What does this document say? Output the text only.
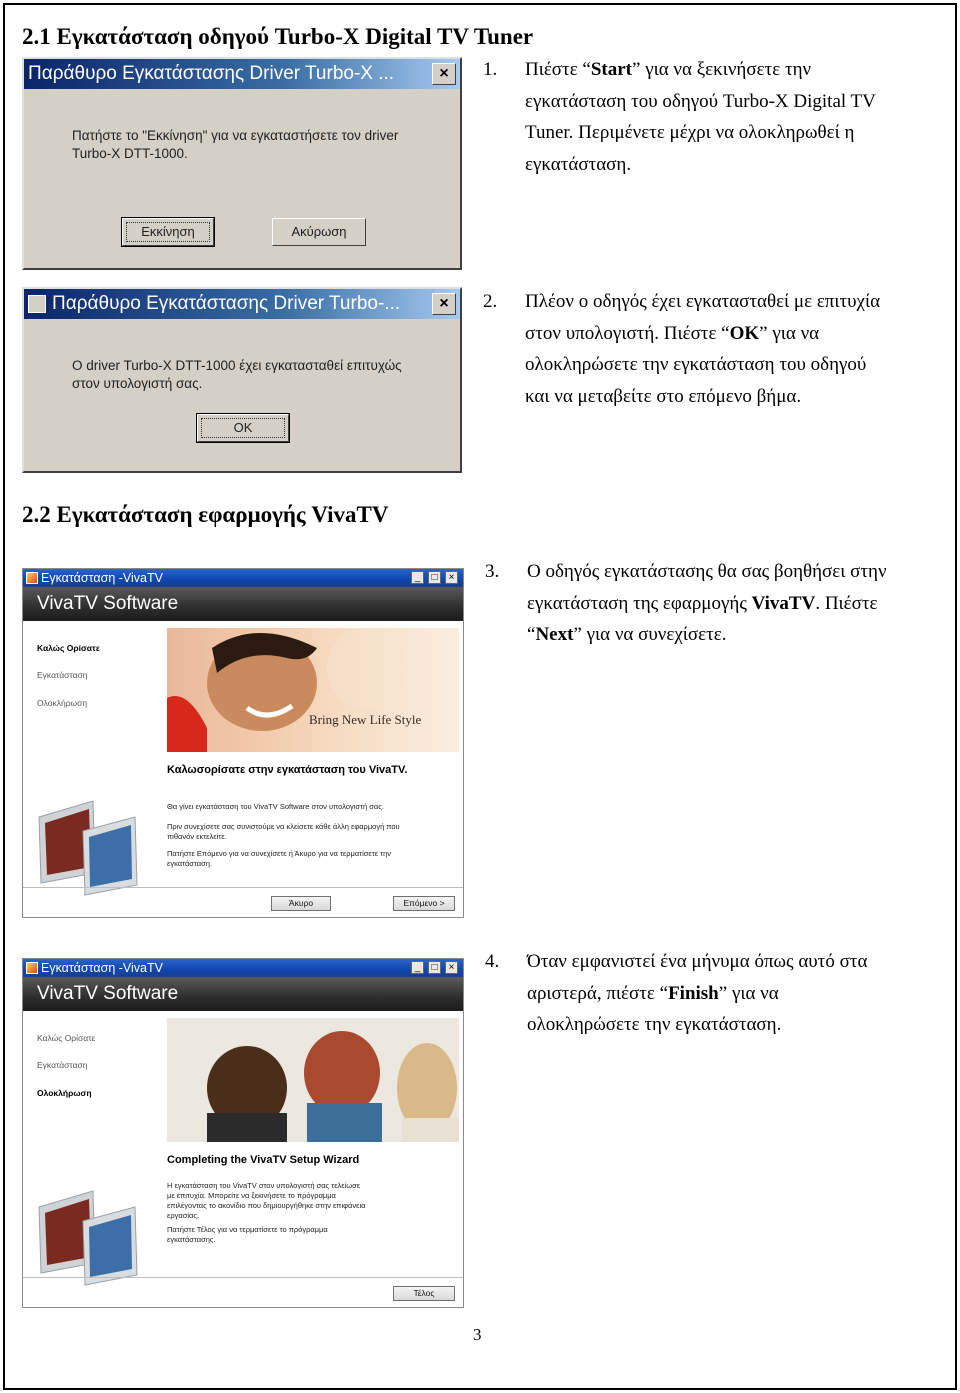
2.1 Εγκατάσταση οδηγού Turbo-X Digital TV Tuner
Παράθυρο Εγκατάστασης Driver Turbo-X ...	×
Πατήστε το "Εκκίνηση" για να εγκαταστήσετε τον driver
Turbo-X DTT-1000.
Εκκίνηση	Ακύρωση
1. Πιέστε “Start” για να ξεκινήσετε την
εγκατάσταση του οδηγού Turbo-X Digital TV
Tuner. Περιμένετε μέχρι να ολοκληρωθεί η
εγκατάσταση.
Παράθυρο Εγκατάστασης Driver Turbo-...	×
O driver Turbo-X DTT-1000 έχει εγκατασταθεί επιτυχώς
στον υπολογιστή σας.
OK
2. Πλέον ο οδηγός έχει εγκατασταθεί με επιτυχία
στον υπολογιστή. Πιέστε “OK” για να
ολοκληρώσετε την εγκατάσταση του οδηγού
και να μεταβείτε στο επόμενο βήμα.
2.2 Εγκατάσταση εφαρμογής VivaTV
Εγκατάσταση -VivaTV	_	□	×
VivaTV Software
Καλώς Ορίσατε
Εγκατάσταση
Ολοκλήρωση
Bring New Life Style
Καλωσορίσατε στην εγκατάσταση του VivaTV.
Θα γίνει εγκατάσταση του VivaTV Software στον υπολογιστή σας.
Πριν συνεχίσετε σας συνιστούμε να κλείσετε κάθε άλλη εφαρμογή που
πιθανόν εκτελείτε.
Πατήστε Επόμενο για να συνεχίσετε ή Άκυρο για να τερματίσετε την
εγκατάσταση.
Άκυρο	Επόμενο >
3. Ο οδηγός εγκατάστασης θα σας βοηθήσει στην
εγκατάσταση της εφαρμογής VivaTV. Πιέστε
“Next” για να συνεχίσετε.
Εγκατάσταση -VivaTV	_	□	×
VivaTV Software
Καλώς Ορίσατε
Εγκατάσταση
Ολοκλήρωση
Completing the VivaTV Setup Wizard
Η εγκατάσταση του VivaTV στον υπολογιστή σας τελείωσε
με επιτυχία. Μπορείτε να ξεκινήσετε το πρόγραμμα
επιλέγοντας το ακονίδιο που δημιουργήθηκε στην επιφάνεια
εργασίας.
Πατήστε Τέλος για να τερματίσετε το πρόγραμμα
εγκατάστασης.
Τέλος
4. Όταν εμφανιστεί ένα μήνυμα όπως αυτό στα
αριστερά, πιέστε “Finish” για να
ολοκληρώσετε την εγκατάσταση.
3
